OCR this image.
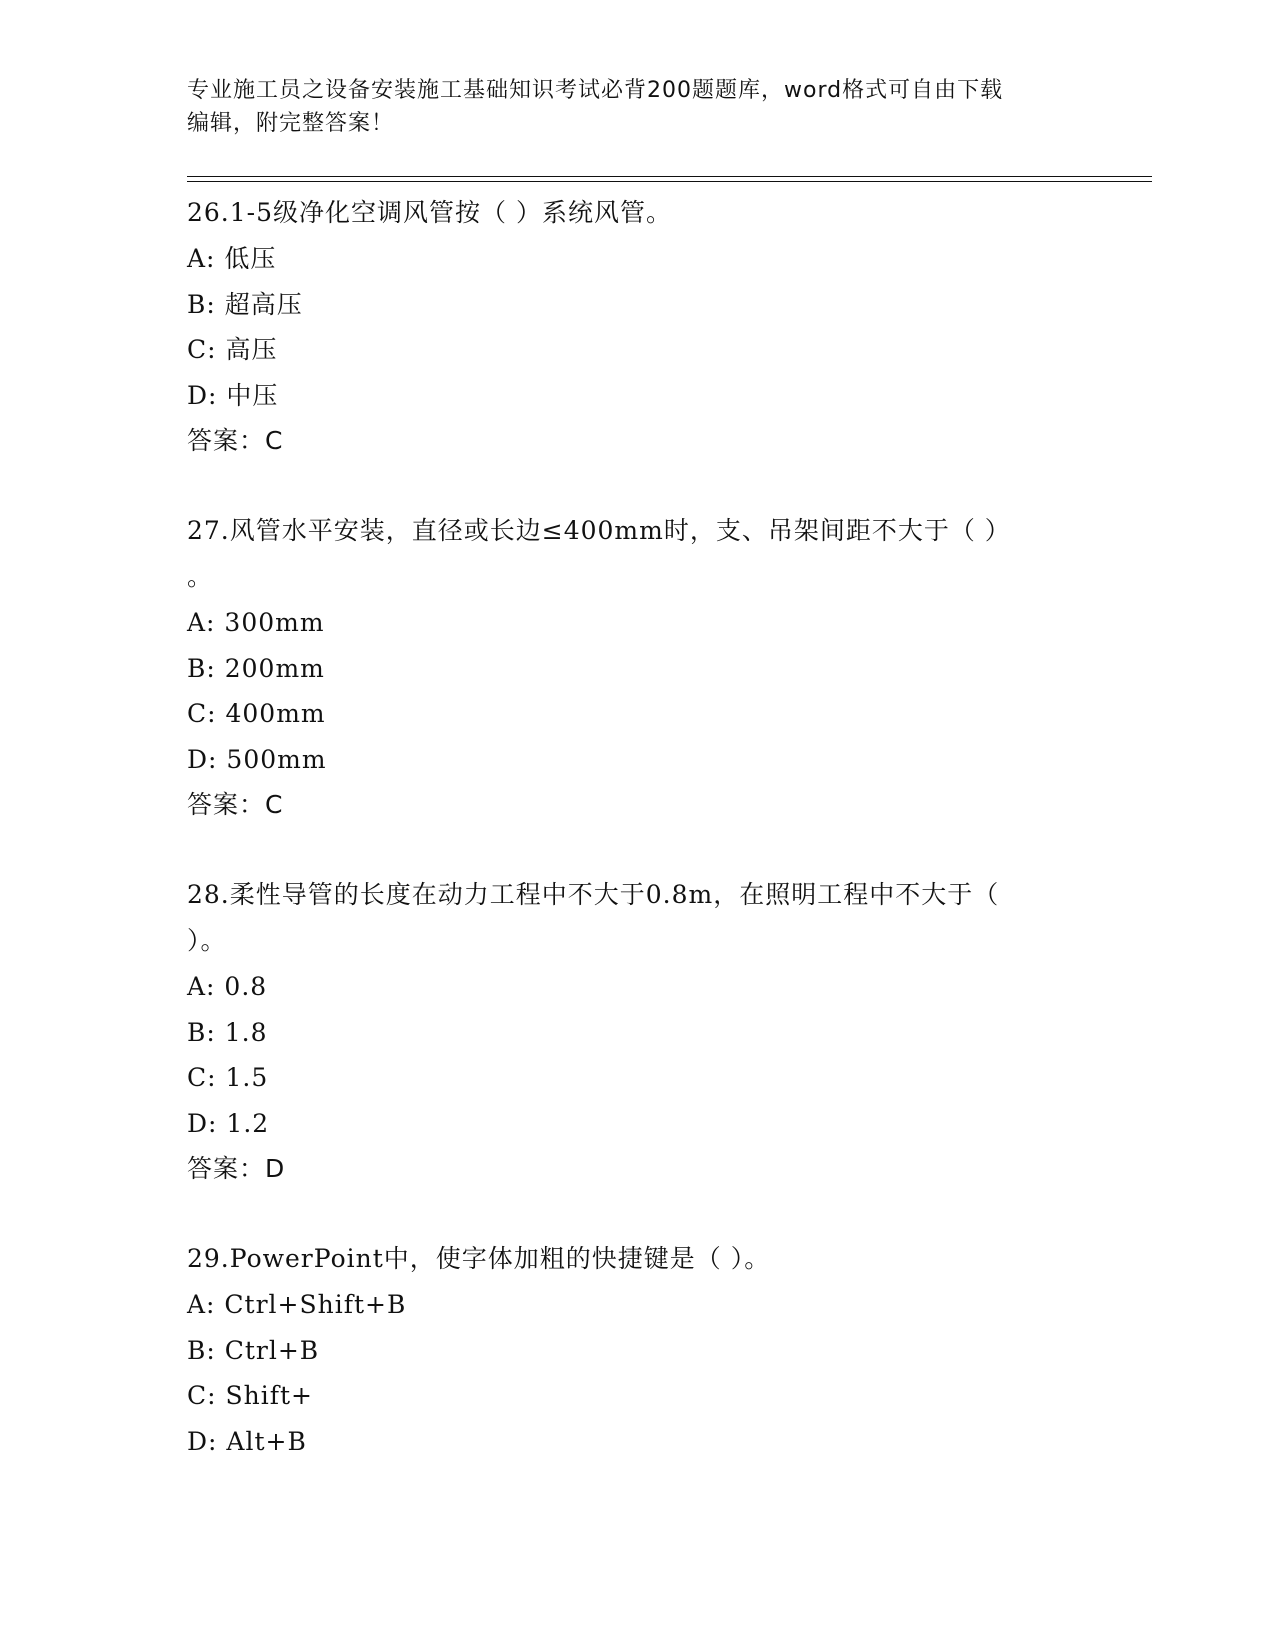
专业施工员之设备安装施工基础知识考试必背200题题库，word格式可自由下载
编辑，附完整答案！
26.1-5级净化空调风管按（ ）系统风管。
A: 低压
B: 超高压
C: 高压
D: 中压
答案：C
27.风管水平安装，直径或长边≤400mm时，支、吊架间距不大于（ ）
。
A: 300mm
B: 200mm
C: 400mm
D: 500mm
答案：C
28.柔性导管的长度在动力工程中不大于0.8m，在照明工程中不大于（
）。
A: 0.8
B: 1.8
C: 1.5
D: 1.2
答案：D
29.PowerPoint中，使字体加粗的快捷键是（ ）。
A: Ctrl+Shift+B
B: Ctrl+B
C: Shift+
D: Alt+B
